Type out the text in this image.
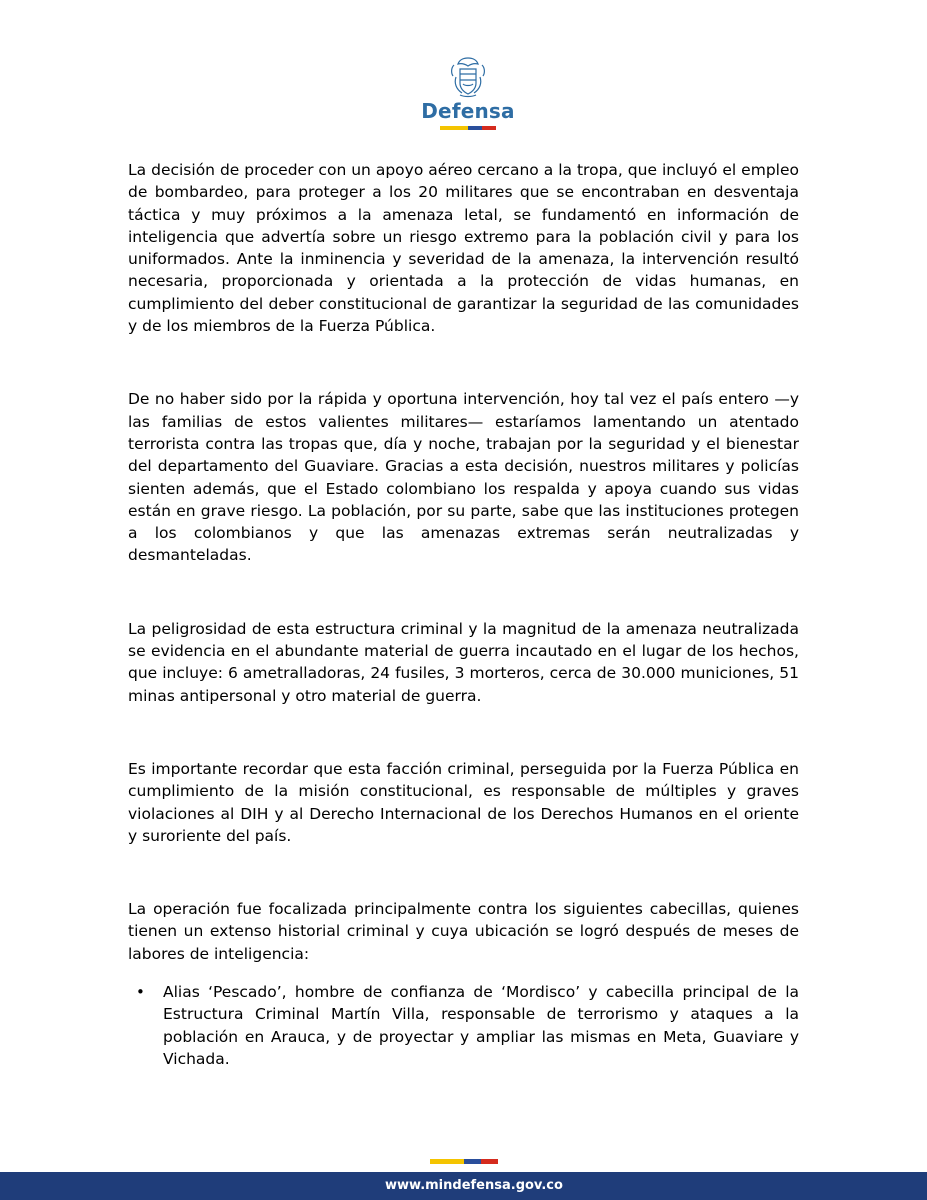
Defensa

La decisión de proceder con un apoyo aéreo cercano a la tropa, que incluyó el empleo de bombardeo, para proteger a los 20 militares que se encontraban en desventaja táctica y muy próximos a la amenaza letal, se fundamentó en información de inteligencia que advertía sobre un riesgo extremo para la población civil y para los uniformados. Ante la inminencia y severidad de la amenaza, la intervención resultó necesaria, proporcionada y orientada a la protección de vidas humanas, en cumplimiento del deber constitucional de garantizar la seguridad de las comunidades y de los miembros de la Fuerza Pública.

De no haber sido por la rápida y oportuna intervención, hoy tal vez el país entero —y las familias de estos valientes militares— estaríamos lamentando un atentado terrorista contra las tropas que, día y noche, trabajan por la seguridad y el bienestar del departamento del Guaviare. Gracias a esta decisión, nuestros militares y policías sienten además, que el Estado colombiano los respalda y apoya cuando sus vidas están en grave riesgo. La población, por su parte, sabe que las instituciones protegen a los colombianos y que las amenazas extremas serán neutralizadas y desmanteladas.

La peligrosidad de esta estructura criminal y la magnitud de la amenaza neutralizada se evidencia en el abundante material de guerra incautado en el lugar de los hechos, que incluye: 6 ametralladoras, 24 fusiles, 3 morteros, cerca de 30.000 municiones, 51 minas antipersonal y otro material de guerra.

Es importante recordar que esta facción criminal, perseguida por la Fuerza Pública en cumplimiento de la misión constitucional, es responsable de múltiples y graves violaciones al DIH y al Derecho Internacional de los Derechos Humanos en el oriente y suroriente del país.

La operación fue focalizada principalmente contra los siguientes cabecillas, quienes tienen un extenso historial criminal y cuya ubicación se logró después de meses de labores de inteligencia:

• Alias ‘Pescado’, hombre de confianza de ‘Mordisco’ y cabecilla principal de la Estructura Criminal Martín Villa, responsable de terrorismo y ataques a la población en Arauca, y de proyectar y ampliar las mismas en Meta, Guaviare y Vichada.
www.mindefensa.gov.co
